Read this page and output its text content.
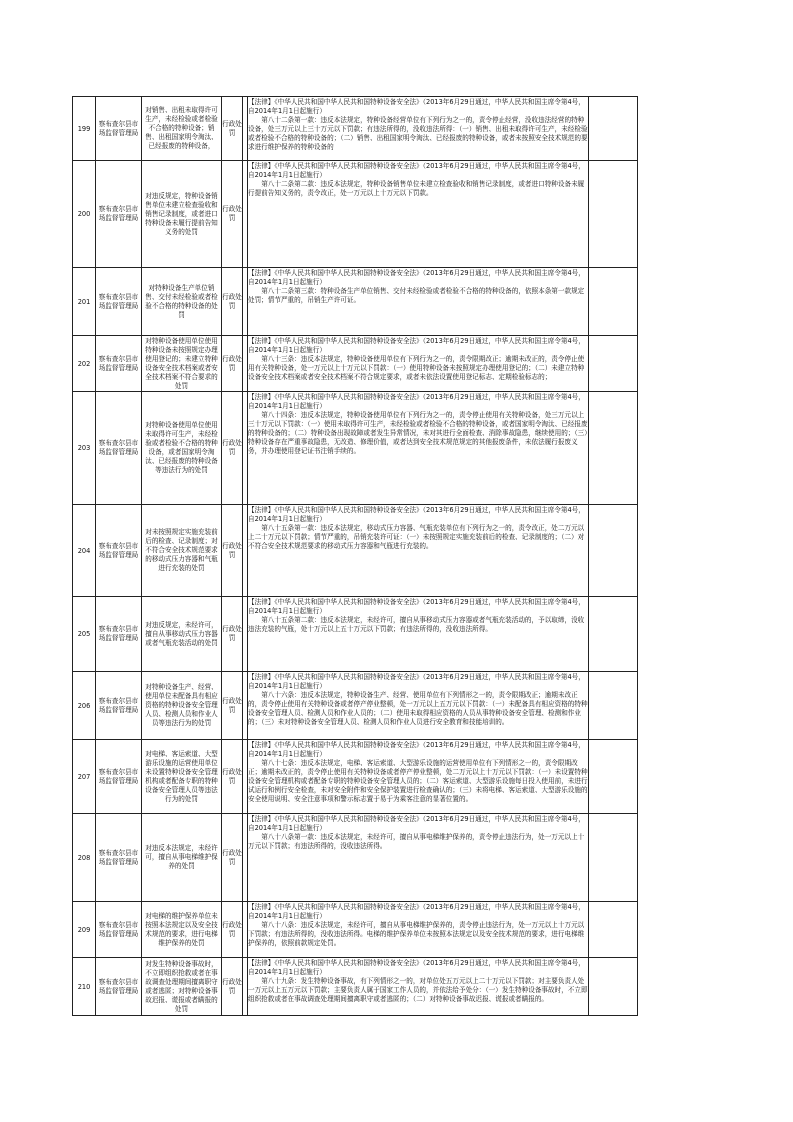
199	察布查尔县市场监督管理局	对销售、出租未取得许可生产，未经检验或者检验不合格的特种设备；销售、出租国家明令淘汰、已经报废的特种设备，	行政处罚		【法律】《中华人民共和国中华人民共和国特种设备安全法》（2013年6月29日通过，中华人民共和国主席令第4号，自2014年1月1日起施行）
第八十二条第一款：违反本法规定，特种设备经营单位有下列行为之一的，责令停止经营，没收违法经营的特种设备，处三万元以上三十万元以下罚款；有违法所得的，没收违法所得：（一）销售、出租未取得许可生产，未经检验或者检验不合格的特种设备的；（二）销售、出租国家明令淘汰、已经报废的特种设备，或者未按照安全技术规范的要求进行维护保养的特种设备的	

200	察布查尔县市场监督管理局	对违反规定，特种设备销售单位未建立检查验收和销售记录制度，或者进口特种设备未履行提前告知义务的处罚	行政处罚		【法律】《中华人民共和国中华人民共和国特种设备安全法》（2013年6月29日通过，中华人民共和国主席令第4号，自2014年1月1日起施行）
第八十二条第二款：违反本法规定，特种设备销售单位未建立检查验收和销售记录制度，或者进口特种设备未履行提前告知义务的，责令改正，处一万元以上十万元以下罚款。	

201	察布查尔县市场监督管理局	对特种设备生产单位销售、交付未经检验或者检验不合格的特种设备的处罚	行政处罚		【法律】《中华人民共和国中华人民共和国特种设备安全法》（2013年6月29日通过，中华人民共和国主席令第4号，自2014年1月1日起施行）
第八十二条第三款：特种设备生产单位销售、交付未经检验或者检验不合格的特种设备的，依照本条第一款规定处罚；情节严重的，吊销生产许可证。	

202	察布查尔县市场监督管理局	对特种设备使用单位使用特种设备未按照规定办理使用登记的；未建立特种设备安全技术档案或者安全技术档案不符合要求的处罚	行政处罚		【法律】《中华人民共和国中华人民共和国特种设备安全法》（2013年6月29日通过，中华人民共和国主席令第4号，自2014年1月1日起施行）
第八十三条：违反本法规定，特种设备使用单位有下列行为之一的，责令限期改正；逾期未改正的，责令停止使用有关特种设备，处一万元以上十万元以下罚款：（一）使用特种设备未按照规定办理使用登记的；（二）未建立特种设备安全技术档案或者安全技术档案不符合规定要求，或者未依法设置使用登记标志、定期检验标志的；	

203	察布查尔县市场监督管理局	对特种设备使用单位使用未取得许可生产，未经检验或者检验不合格的特种设备，或者国家明令淘汰、已经报废的特种设备等违法行为的处罚	行政处罚		【法律】《中华人民共和国中华人民共和国特种设备安全法》（2013年6月29日通过，中华人民共和国主席令第4号，自2014年1月1日起施行）
第八十四条：违反本法规定，特种设备使用单位有下列行为之一的，责令停止使用有关特种设备，处三万元以上三十万元以下罚款：（一）使用未取得许可生产，未经检验或者检验不合格的特种设备，或者国家明令淘汰、已经报废的特种设备的；（二）特种设备出现故障或者发生异常情况，未对其进行全面检查、消除事故隐患，继续使用的；（三）特种设备存在严重事故隐患，无改造、修理价值，或者达到安全技术规范规定的其他报废条件，未依法履行报废义务，并办理使用登记证书注销手续的。	

204	察布查尔县市场监督管理局	对未按照规定实施充装前后的检查、记录制度；对不符合安全技术规范要求的移动式压力容器和气瓶进行充装的处罚	行政处罚		【法律】《中华人民共和国中华人民共和国特种设备安全法》（2013年6月29日通过，中华人民共和国主席令第4号，自2014年1月1日起施行）
第八十五条第一款：违反本法规定，移动式压力容器、气瓶充装单位有下列行为之一的，责令改正，处二万元以上二十万元以下罚款；情节严重的，吊销充装许可证：（一）未按照规定实施充装前后的检查、记录制度的；（二）对不符合安全技术规范要求的移动式压力容器和气瓶进行充装的。	

205	察布查尔县市场监督管理局	对违反规定，未经许可，擅自从事移动式压力容器或者气瓶充装活动的处罚	行政处罚		【法律】《中华人民共和国中华人民共和国特种设备安全法》（2013年6月29日通过，中华人民共和国主席令第4号，自2014年1月1日起施行）
第八十五条第二款：违反本法规定，未经许可，擅自从事移动式压力容器或者气瓶充装活动的，予以取缔，没收违法充装的气瓶，处十万元以上五十万元以下罚款；有违法所得的，没收违法所得。	

206	察布查尔县市场监督管理局	对特种设备生产、经营、使用单位未配备具有相应资格的特种设备安全管理人员、检测人员和作业人员等违法行为的处罚	行政处罚		【法律】《中华人民共和国中华人民共和国特种设备安全法》（2013年6月29日通过，中华人民共和国主席令第4号，自2014年1月1日起施行）
第八十六条：违反本法规定，特种设备生产、经营、使用单位有下列情形之一的，责令限期改正；逾期未改正的，责令停止使用有关特种设备或者停产停业整顿，处一万元以上五万元以下罚款：（一）未配备具有相应资格的特种设备安全管理人员、检测人员和作业人员的；（二）使用未取得相应资格的人员从事特种设备安全管理、检测和作业的；（三）未对特种设备安全管理人员、检测人员和作业人员进行安全教育和技能培训的。	

207	察布查尔县市场监督管理局	对电梯、客运索道、大型游乐设施的运营使用单位未设置特种设备安全管理机构或者配备专职的特种设备安全管理人员等违法行为的处罚	行政处罚		【法律】《中华人民共和国中华人民共和国特种设备安全法》（2013年6月29日通过，中华人民共和国主席令第4号，自2014年1月1日起施行）
第八十七条：违反本法规定，电梯、客运索道、大型游乐设施的运营使用单位有下列情形之一的，责令限期改正；逾期未改正的，责令停止使用有关特种设备或者停产停业整顿，处二万元以上十万元以下罚款：（一）未设置特种设备安全管理机构或者配备专职的特种设备安全管理人员的；（二）客运索道、大型游乐设施每日投入使用前，未进行试运行和例行安全检查，未对安全附件和安全保护装置进行检查确认的；（三）未将电梯、客运索道、大型游乐设施的安全使用说明、安全注意事项和警示标志置于易于为乘客注意的显著位置的。	

208	察布查尔县市场监督管理局	对违反本法规定，未经许可，擅自从事电梯维护保养的处罚	行政处罚		【法律】《中华人民共和国中华人民共和国特种设备安全法》（2013年6月29日通过，中华人民共和国主席令第4号，自2014年1月1日起施行）
第八十八条第一款：违反本法规定，未经许可，擅自从事电梯维护保养的，责令停止违法行为，处一万元以上十万元以下罚款；有违法所得的，没收违法所得。	

209	察布查尔县市场监督管理局	对电梯的维护保养单位未按照本法规定以及安全技术规范的要求，进行电梯维护保养的处罚	行政处罚		【法律】《中华人民共和国中华人民共和国特种设备安全法》（2013年6月29日通过，中华人民共和国主席令第4号，自2014年1月1日起施行）
第八十八条：违反本法规定，未经许可，擅自从事电梯维护保养的，责令停止违法行为，处一万元以上十万元以下罚款；有违法所得的，没收违法所得。电梯的维护保养单位未按照本法规定以及安全技术规范的要求，进行电梯维护保养的，依照前款规定处罚。	

210	察布查尔县市场监督管理局	对发生特种设备事故时，不立即组织抢救或者在事故调查处理期间擅离职守或者逃匿；对特种设备事故迟报、谎报或者瞒报的处罚	行政处罚		【法律】《中华人民共和国中华人民共和国特种设备安全法》（2013年6月29日通过，中华人民共和国主席令第4号，自2014年1月1日起施行）
第八十九条：发生特种设备事故，有下列情形之一的，对单位处五万元以上二十万元以下罚款；对主要负责人处一万元以上五万元以下罚款；主要负责人属于国家工作人员的，并依法给予处分：（一）发生特种设备事故时，不立即组织抢救或者在事故调查处理期间擅离职守或者逃匿的；（二）对特种设备事故迟报、谎报或者瞒报的。	
